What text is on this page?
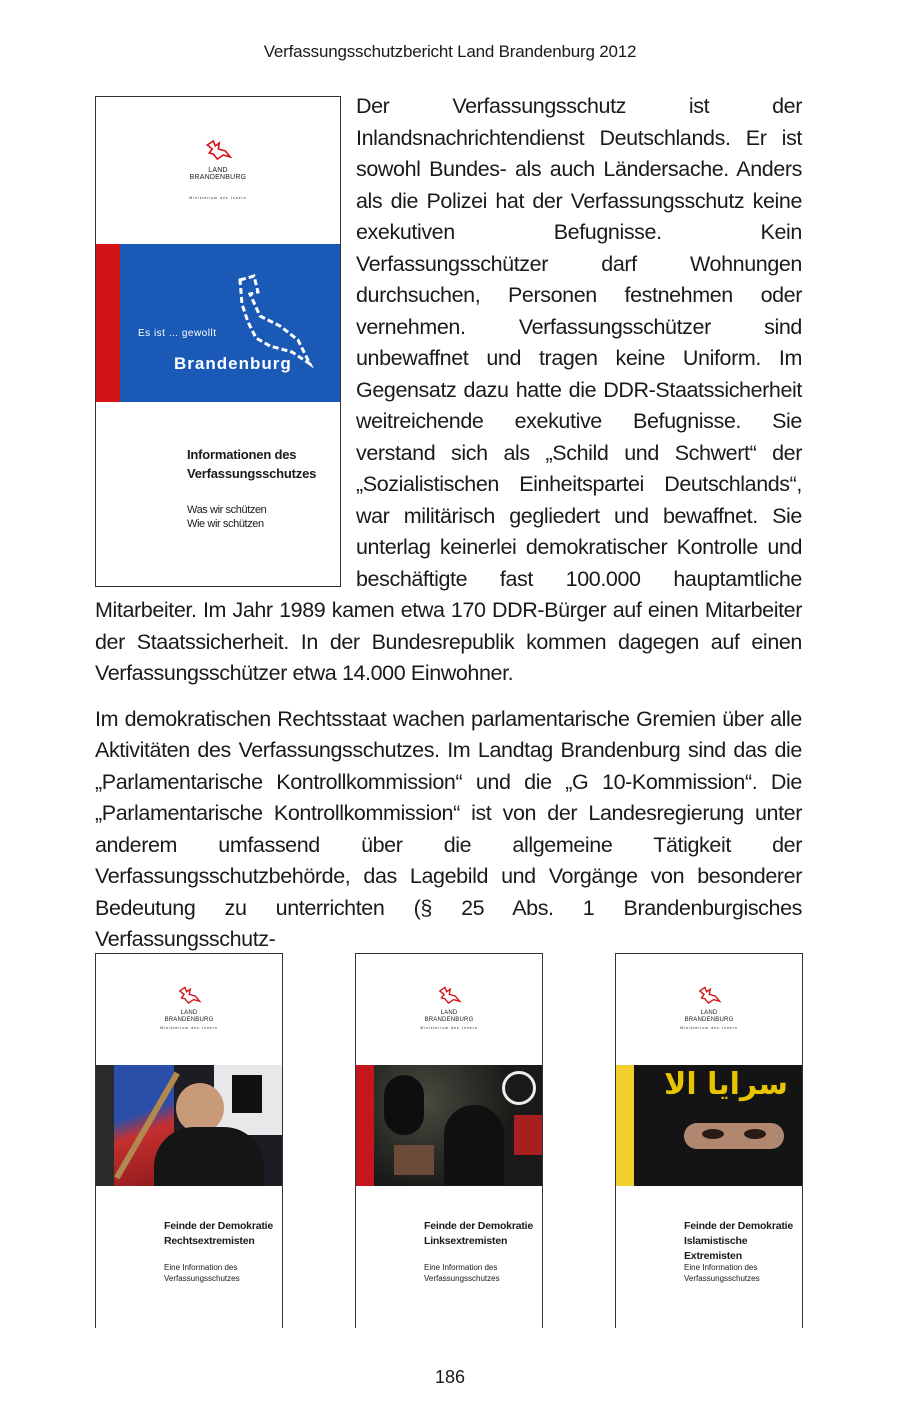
Verfassungsschutzbericht Land Brandenburg 2012
LAND
BRANDENBURG
Ministerium des Innern
Es ist ... gewollt
Brandenburg
Informationen des
Verfassungsschutzes
Was wir schützen
Wie wir schützen

Der Verfassungsschutz ist der Inlandsnachrichtendienst Deutschlands. Er ist sowohl Bundes- als auch Ländersache. Anders als die Polizei hat der Verfassungsschutz keine exekutiven Befugnisse. Kein Verfassungsschützer darf Wohnungen durchsuchen, Personen festnehmen oder vernehmen. Verfassungsschützer sind unbewaffnet und tragen keine Uniform. Im Gegensatz dazu hatte die DDR-Staatssicherheit weitreichende exekutive Befugnisse. Sie verstand sich als „Schild und Schwert“ der „Sozialistischen Einheitspartei Deutschlands“, war militärisch gegliedert und bewaffnet. Sie unterlag keinerlei demokratischer Kontrolle und beschäftigte fast 100.000 hauptamtliche Mitarbeiter. Im Jahr 1989 kamen etwa 170 DDR-Bürger auf einen Mitarbeiter der Staatssicherheit. In der Bundesrepublik kommen dagegen auf einen Verfassungsschützer etwa 14.000 Einwohner.

Im demokratischen Rechtsstaat wachen parlamentarische Gremien über alle Aktivitäten des Verfassungsschutzes. Im Landtag Brandenburg sind das die „Parlamentarische Kontrollkommission“ und die „G 10-Kommission“. Die „Parlamentarische Kontrollkommission“ ist von der Landesregierung unter anderem umfassend über die allgemeine Tätigkeit der Verfassungsschutzbehörde, das Lagebild und Vorgänge von besonderer Bedeutung zu unterrichten (§ 25 Abs. 1 Brandenburgisches Verfassungsschutz-

LAND
BRANDENBURG
Ministerium des Innern
Feinde der Demokratie
Rechtsextremisten
Eine Information des
Verfassungsschutzes
LAND
BRANDENBURG
Ministerium des Innern
Feinde der Demokratie
Linksextremisten
Eine Information des
Verfassungsschutzes
LAND
BRANDENBURG
Ministerium des Innern
سرايا الا
Feinde der Demokratie
Islamistische Extremisten
Eine Information des
Verfassungsschutzes
186
